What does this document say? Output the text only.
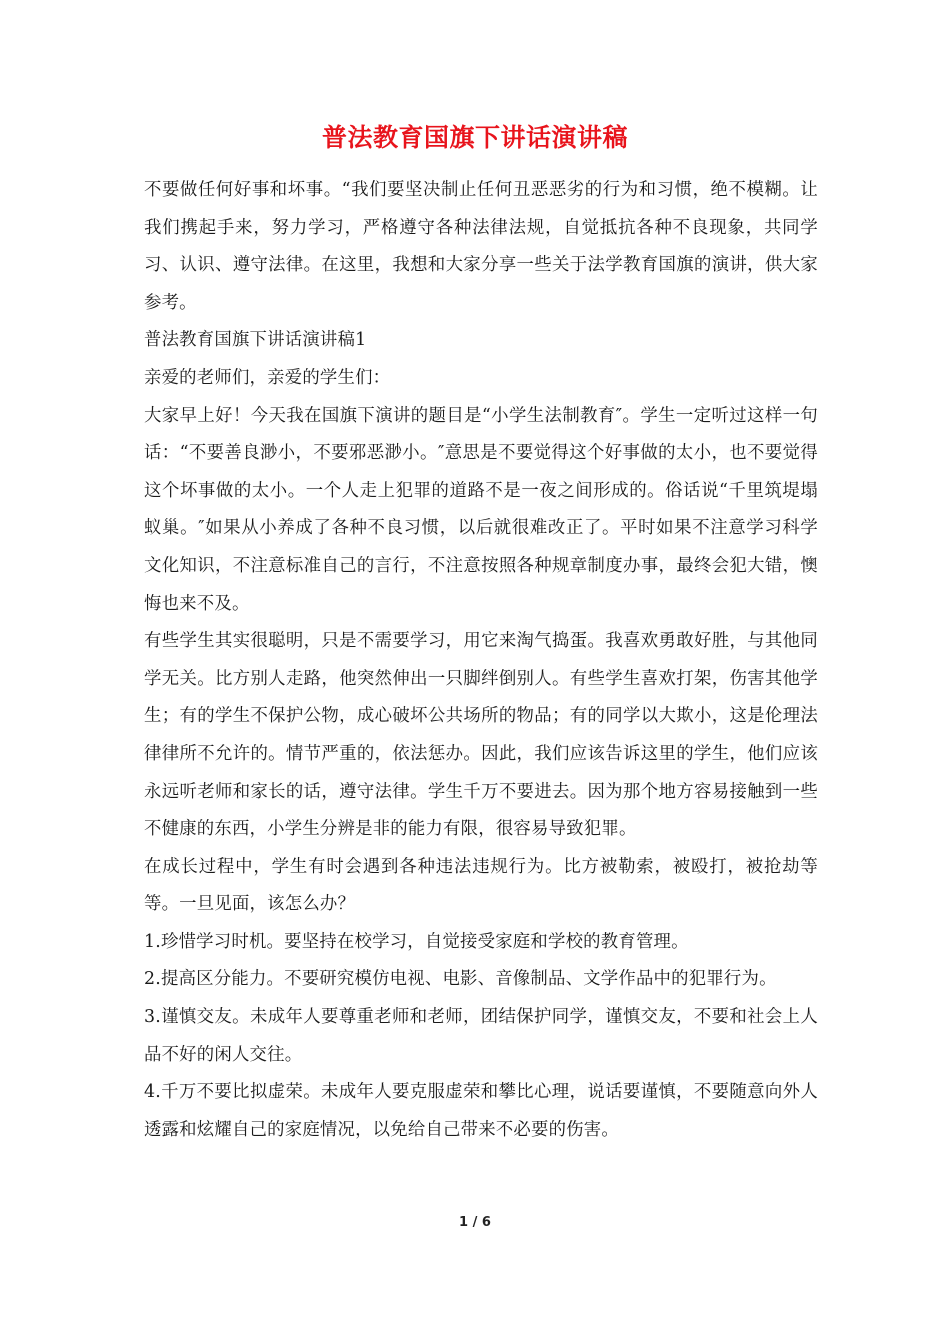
普法教育国旗下讲话演讲稿

不要做任何好事和坏事。“我们要坚决制止任何丑恶恶劣的行为和习惯，绝不模糊。让我们携起手来，努力学习，严格遵守各种法律法规，自觉抵抗各种不良现象，共同学习、认识、遵守法律。在这里，我想和大家分享一些关于法学教育国旗的演讲，供大家参考。

普法教育国旗下讲话演讲稿1

亲爱的老师们，亲爱的学生们：

大家早上好！今天我在国旗下演讲的题目是“小学生法制教育″。学生一定听过这样一句话：“不要善良渺小，不要邪恶渺小。″意思是不要觉得这个好事做的太小，也不要觉得这个坏事做的太小。一个人走上犯罪的道路不是一夜之间形成的。俗话说“千里筑堤塌蚁巢。″如果从小养成了各种不良习惯，以后就很难改正了。平时如果不注意学习科学文化知识，不注意标准自己的言行，不注意按照各种规章制度办事，最终会犯大错，懊悔也来不及。

有些学生其实很聪明，只是不需要学习，用它来淘气捣蛋。我喜欢勇敢好胜，与其他同学无关。比方别人走路，他突然伸出一只脚绊倒别人。有些学生喜欢打架，伤害其他学生；有的学生不保护公物，成心破坏公共场所的物品；有的同学以大欺小，这是伦理法律律所不允许的。情节严重的，依法惩办。因此，我们应该告诉这里的学生，他们应该永远听老师和家长的话，遵守法律。学生千万不要进去。因为那个地方容易接触到一些不健康的东西，小学生分辨是非的能力有限，很容易导致犯罪。

在成长过程中，学生有时会遇到各种违法违规行为。比方被勒索，被殴打，被抢劫等等。一旦见面，该怎么办？

1.珍惜学习时机。要坚持在校学习，自觉接受家庭和学校的教育管理。

2.提高区分能力。不要研究模仿电视、电影、音像制品、文学作品中的犯罪行为。

3.谨慎交友。未成年人要尊重老师和老师，团结保护同学，谨慎交友，不要和社会上人品不好的闲人交往。

4.千万不要比拟虚荣。未成年人要克服虚荣和攀比心理，说话要谨慎，不要随意向外人透露和炫耀自己的家庭情况，以免给自己带来不必要的伤害。

1 / 6
